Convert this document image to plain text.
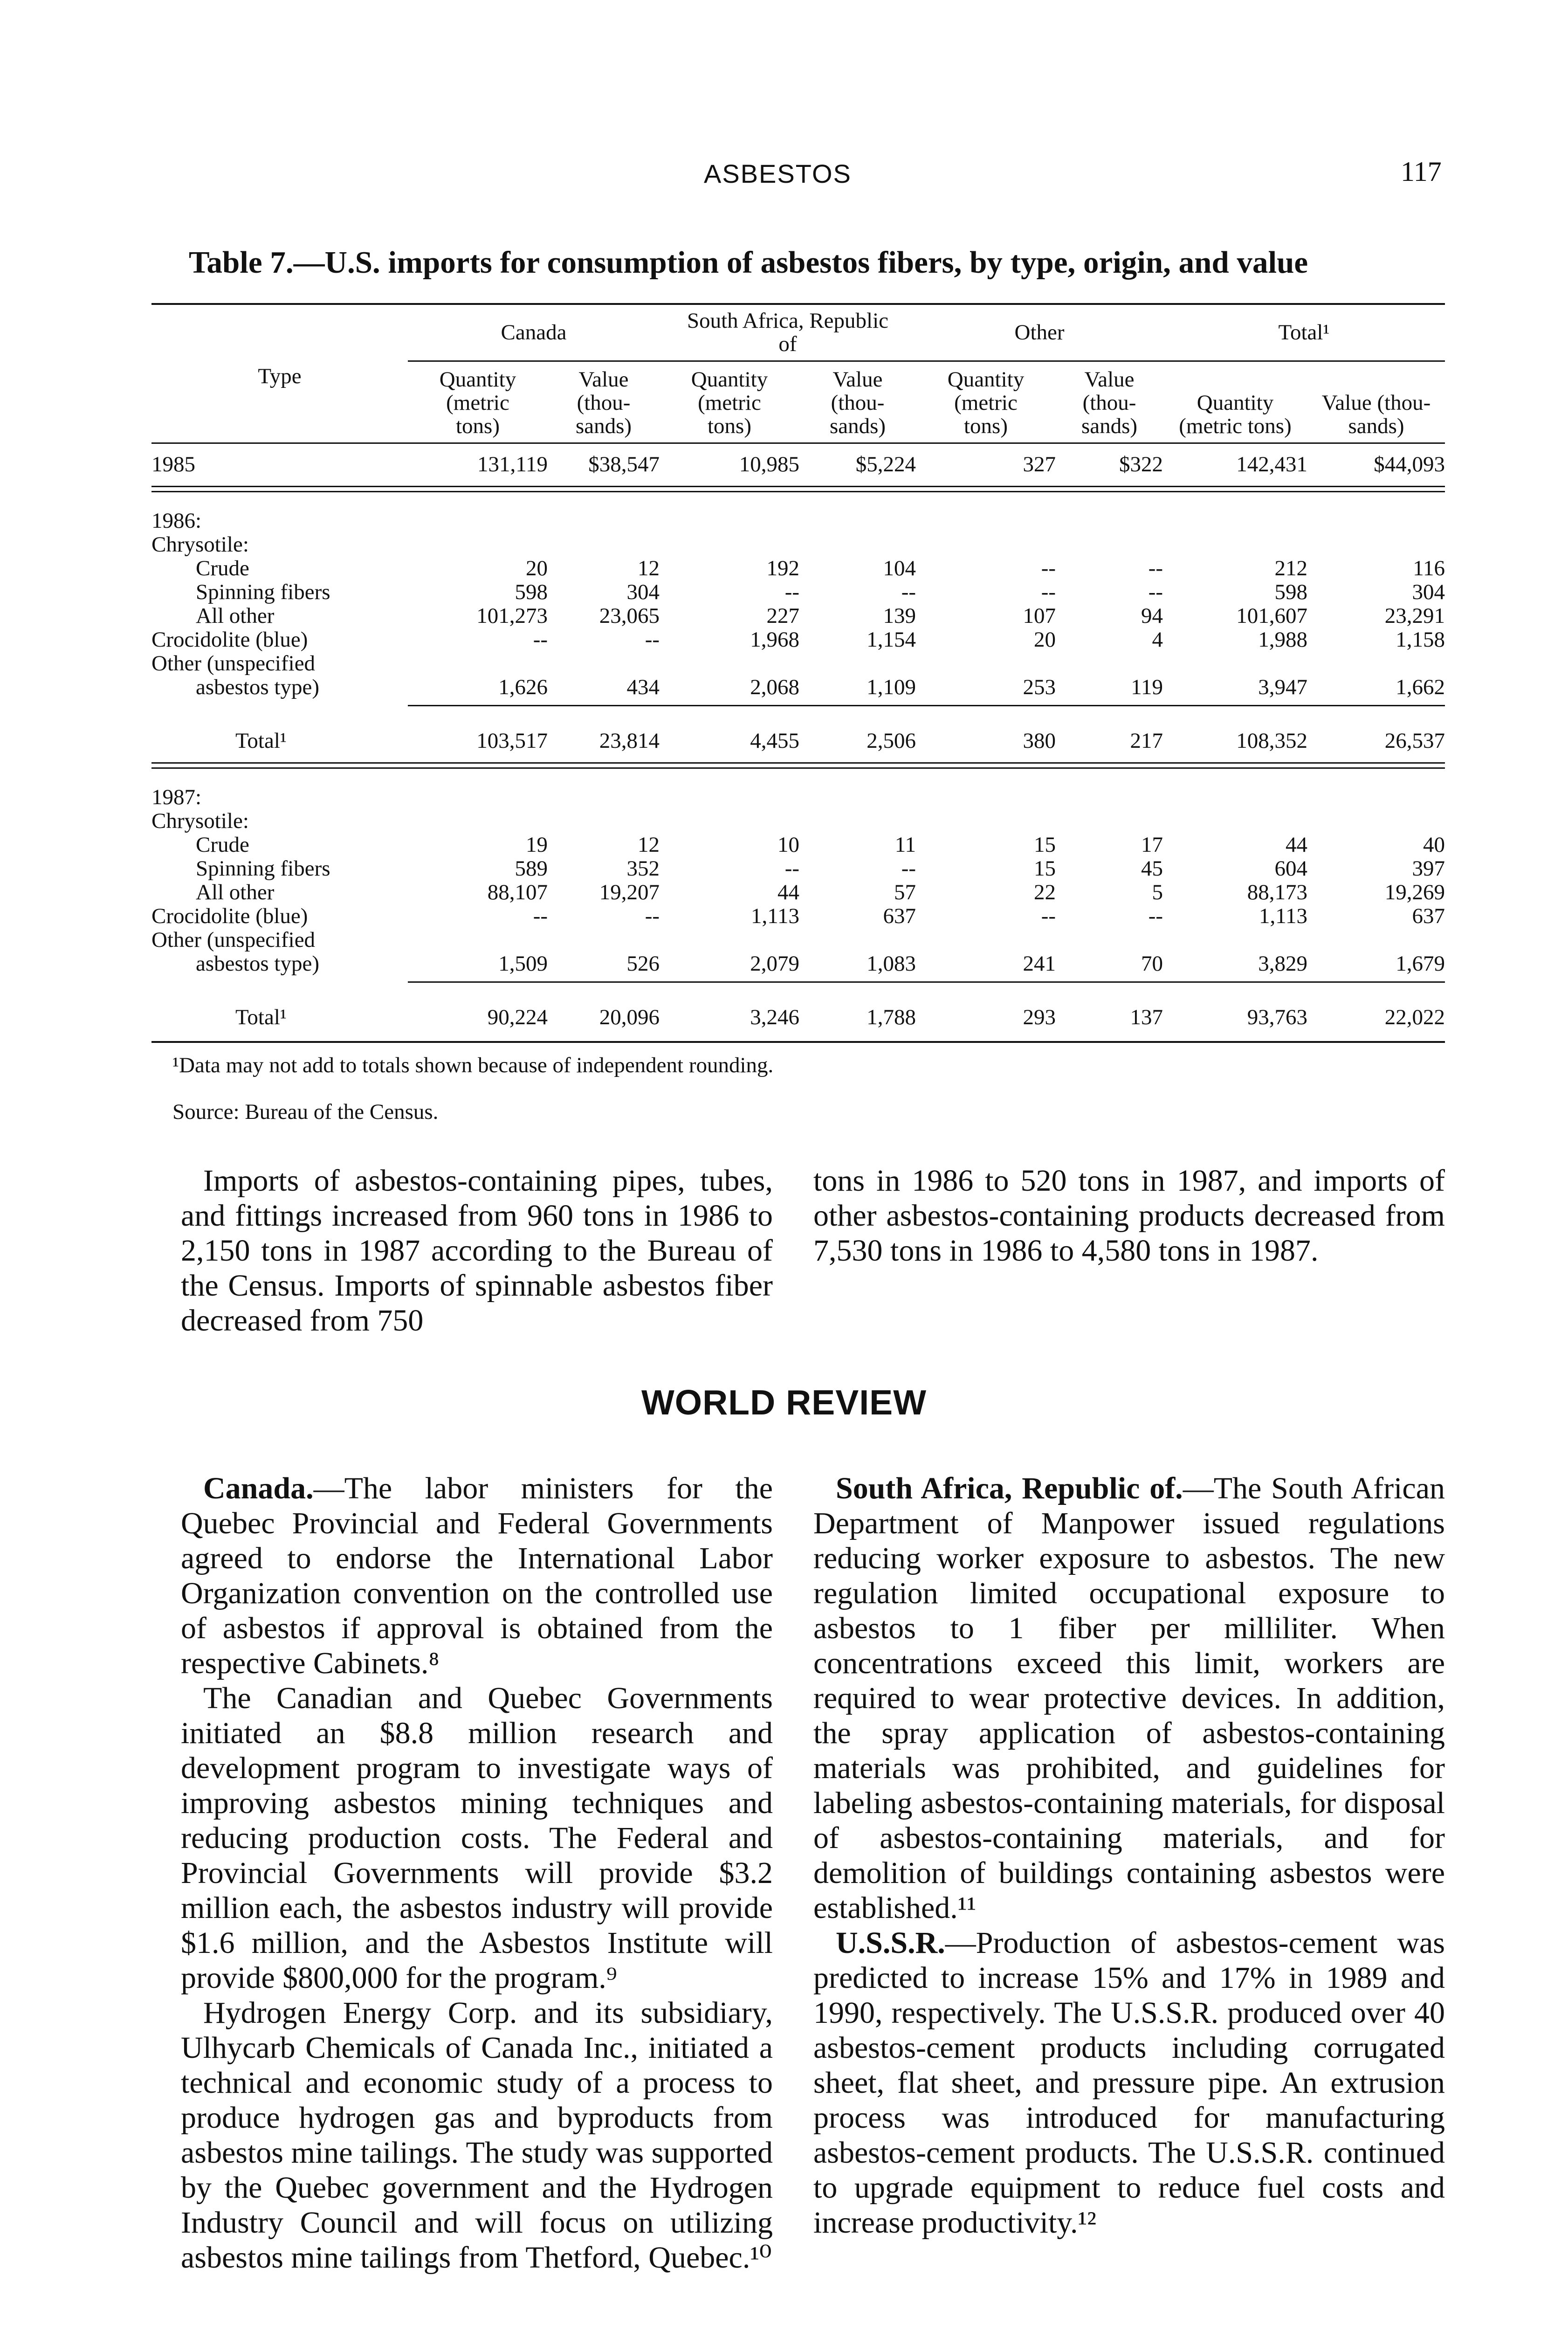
ASBESTOS	117
Table 7.—U.S. imports for consumption of asbestos fibers, by type, origin, and value
	Canada		South Africa, Republic of		Other		Total¹	
Type	Quantity (metric tons)	Value (thou- sands)	Quantity (metric tons)	Value (thou- sands)	Quantity (metric tons)	Value (thou- sands)	Quantity (metric tons)	Value (thou- sands)

1985	131,119	$38,547	10,985	$5,224	327	$322	142,431	$44,093

1986:								
Chrysotile:								
Crude	20	12	192	104	--	--	212	116
Spinning fibers	598	304	--	--	--	--	598	304
All other	101,273	23,065	227	139	107	94	101,607	23,291
Crocidolite (blue)	--	--	1,968	1,154	20	4	1,988	1,158
Other (unspecified								
asbestos type)	1,626	434	2,068	1,109	253	119	3,947	1,662

Total¹	103,517	23,814	4,455	2,506	380	217	108,352	26,537

1987:								
Chrysotile:								
Crude	19	12	10	11	15	17	44	40
Spinning fibers	589	352	--	--	15	45	604	397
All other	88,107	19,207	44	57	22	5	88,173	19,269
Crocidolite (blue)	--	--	1,113	637	--	--	1,113	637
Other (unspecified								
asbestos type)	1,509	526	2,079	1,083	241	70	3,829	1,679

Total¹	90,224	20,096	3,246	1,788	293	137	93,763	22,022
¹Data may not add to totals shown because of independent rounding.
Source: Bureau of the Census.

Imports of asbestos-containing pipes, tubes, and fittings increased from 960 tons in 1986 to 2,150 tons in 1987 according to the Bureau of the Census. Imports of spinnable asbestos fiber decreased from 750

tons in 1986 to 520 tons in 1987, and imports of other asbestos-containing products decreased from 7,530 tons in 1986 to 4,580 tons in 1987.

WORLD REVIEW

Canada.—The labor ministers for the Quebec Provincial and Federal Governments agreed to endorse the International Labor Organization convention on the controlled use of asbestos if approval is obtained from the respective Cabinets.⁸

The Canadian and Quebec Governments initiated an $8.8 million research and development program to investigate ways of improving asbestos mining techniques and reducing production costs. The Federal and Provincial Governments will provide $3.2 million each, the asbestos industry will provide $1.6 million, and the Asbestos Institute will provide $800,000 for the program.⁹

Hydrogen Energy Corp. and its subsidiary, Ulhycarb Chemicals of Canada Inc., initiated a technical and economic study of a process to produce hydrogen gas and byproducts from asbestos mine tailings. The study was supported by the Quebec government and the Hydrogen Industry Council and will focus on utilizing asbestos mine tailings from Thetford, Quebec.¹⁰

South Africa, Republic of.—The South African Department of Manpower issued regulations reducing worker exposure to asbestos. The new regulation limited occupational exposure to asbestos to 1 fiber per milliliter. When concentrations exceed this limit, workers are required to wear protective devices. In addition, the spray application of asbestos-containing materials was prohibited, and guidelines for labeling asbestos-containing materials, for disposal of asbestos-containing materials, and for demolition of buildings containing asbestos were established.¹¹

U.S.S.R.—Production of asbestos-cement was predicted to increase 15% and 17% in 1989 and 1990, respectively. The U.S.S.R. produced over 40 asbestos-cement products including corrugated sheet, flat sheet, and pressure pipe. An extrusion process was introduced for manufacturing asbestos-cement products. The U.S.S.R. continued to upgrade equipment to reduce fuel costs and increase productivity.¹²
